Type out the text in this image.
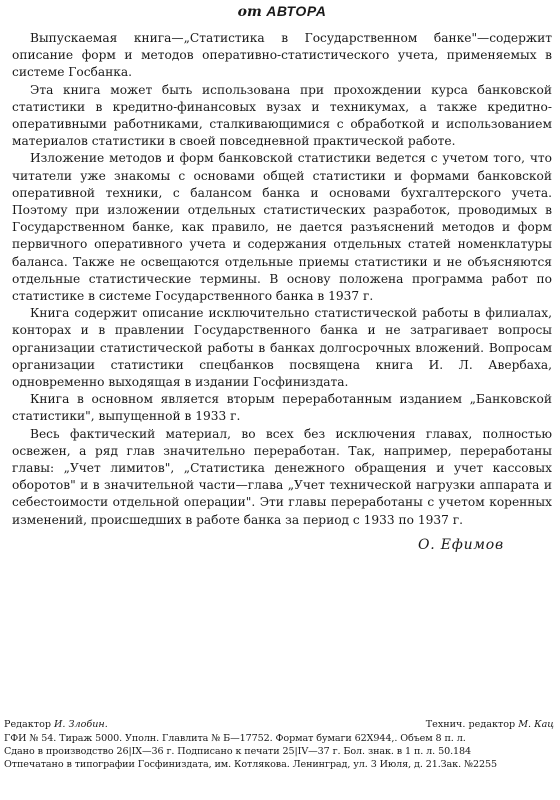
от АВТОРА

Выпускаемая книга—„Статистика в Государственном банке"—содержит описание форм и методов оперативно-статистического учета, применяемых в системе Госбанка.

Эта книга может быть использована при прохождении курса банковской статистики в кредитно-финансовых вузах и техникумах, а также кредитно-оперативными работниками, сталкивающимися с обработкой и использованием материалов статистики в своей повседневной практической работе.

Изложение методов и форм банковской статистики ведется с учетом того, что читатели уже знакомы с основами общей статистики и формами банковской оперативной техники, с балансом банка и основами бухгалтерского учета. Поэтому при изложении отдельных статистических разработок, проводимых в Государственном банке, как правило, не дается разъяснений методов и форм первичного оперативного учета и содержания отдельных статей номенклатуры баланса. Также не освещаются отдельные приемы статистики и не объясняются отдельные статистические термины. В основу положена программа работ по статистике в системе Государственного банка в 1937 г.

Книга содержит описание исключительно статистической работы в филиалах, конторах и в правлении Государственного банка и не затрагивает вопросы организации статистической работы в банках долгосрочных вложений. Вопросам организации статистики спецбанков посвящена книга И. Л. Авербаха, одновременно выходящая в издании Госфиниздата.

Книга в основном является вторым переработанным изданием „Банковской статистики", выпущенной в 1933 г.

Весь фактический материал, во всех без исключения главах, полностью освежен, а ряд глав значительно переработан. Так, например, переработаны главы: „Учет лимитов", „Статистика денежного обращения и учет кассовых оборотов" и в значительной части—глава „Учет технической нагрузки аппарата и себестоимости отдельной операции". Эти главы переработаны с учетом коренных изменений, происшедших в работе банка за период с 1933 по 1937 г.

О. Ефимов
Редактор И. Злобин.	Технич. редактор М. Кац
ГФИ № 54. Тираж 5000. Уполн. Главлита № Б—17752. Формат бумаги 62Х944,. Объем 8 п. л.
Сдано в производство 26|IX—36 г. Подписано к печати 25|IV—37 г. Бол. знак. в 1 п. л. 50.184
Отпечатано в типографии Госфиниздата, им. Котлякова. Ленинград, ул. 3 Июля, д. 21.Зак. №2255
